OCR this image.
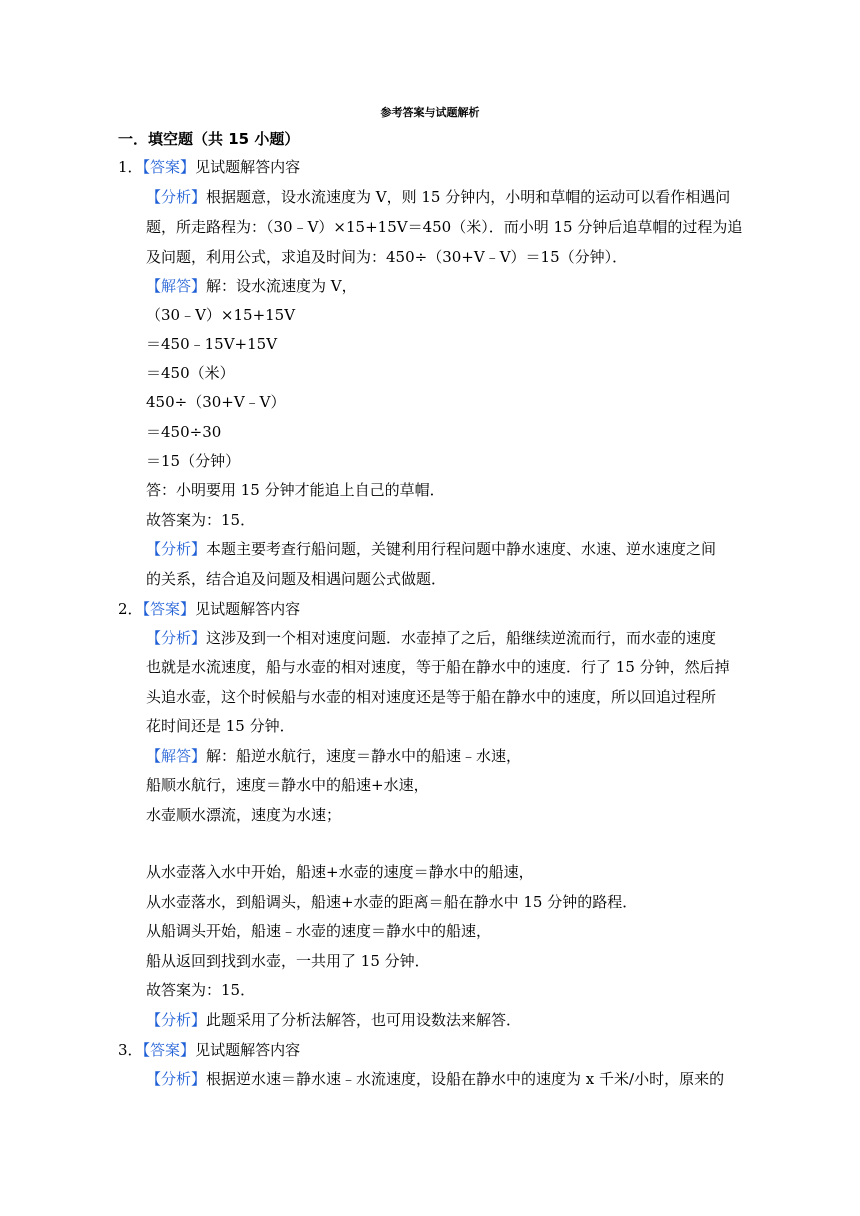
参考答案与试题解析
一．填空题（共 15 小题）
1．【答案】见试题解答内容
【分析】根据题意，设水流速度为 V，则 15 分钟内，小明和草帽的运动可以看作相遇问
题，所走路程为：（30﹣V）×15+15V＝450（米）．而小明 15 分钟后追草帽的过程为追
及问题，利用公式，求追及时间为：450÷（30+V﹣V）＝15（分钟）．
【解答】解：设水流速度为 V，
（30﹣V）×15+15V
＝450﹣15V+15V
＝450（米）
450÷（30+V﹣V）
＝450÷30
＝15（分钟）
答：小明要用 15 分钟才能追上自己的草帽．
故答案为：15．
【分析】本题主要考查行船问题，关键利用行程问题中静水速度、水速、逆水速度之间
的关系，结合追及问题及相遇问题公式做题．
2．【答案】见试题解答内容
【分析】这涉及到一个相对速度问题．水壶掉了之后，船继续逆流而行，而水壶的速度
也就是水流速度，船与水壶的相对速度，等于船在静水中的速度．行了 15 分钟，然后掉
头追水壶，这个时候船与水壶的相对速度还是等于船在静水中的速度，所以回追过程所
花时间还是 15 分钟．
【解答】解：船逆水航行，速度＝静水中的船速﹣水速，
船顺水航行，速度＝静水中的船速+水速，
水壶顺水漂流，速度为水速；
从水壶落入水中开始，船速+水壶的速度＝静水中的船速，
从水壶落水，到船调头，船速+水壶的距离＝船在静水中 15 分钟的路程．
从船调头开始，船速﹣水壶的速度＝静水中的船速，
船从返回到找到水壶，一共用了 15 分钟．
故答案为：15．
【分析】此题采用了分析法解答，也可用设数法来解答．
3．【答案】见试题解答内容
【分析】根据逆水速＝静水速﹣水流速度，设船在静水中的速度为 x 千米/小时，原来的
